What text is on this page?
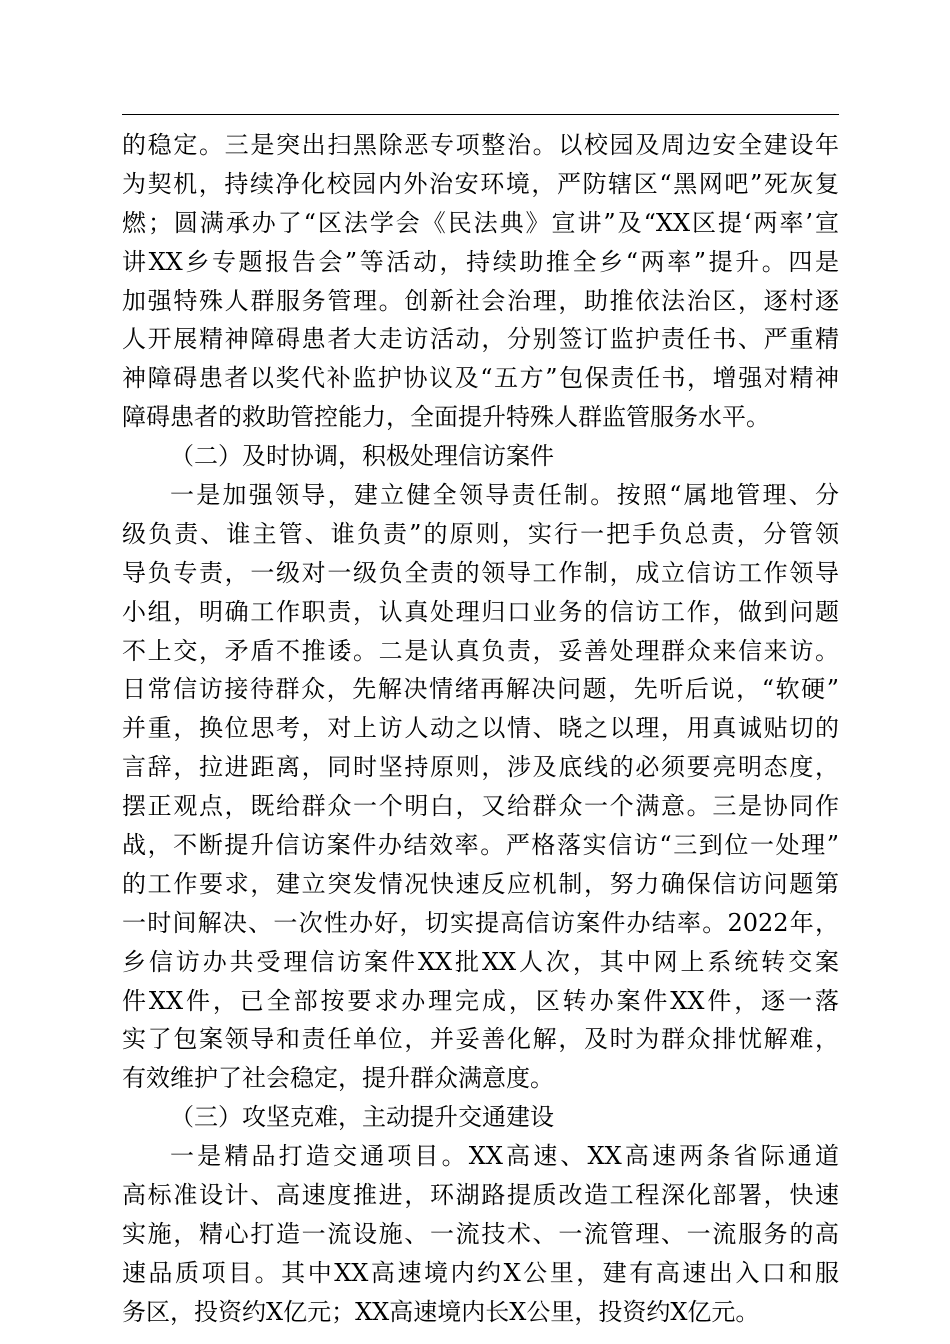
的稳定。三是突出扫黑除恶专项整治。以校园及周边安全建设年
为契机，持续净化校园内外治安环境，严防辖区“黑网吧”死灰复
燃；圆满承办了“区法学会《民法典》宣讲”及“XX区提‘两率’宣
讲XX乡专题报告会”等活动，持续助推全乡“两率”提升。四是
加强特殊人群服务管理。创新社会治理，助推依法治区，逐村逐
人开展精神障碍患者大走访活动，分别签订监护责任书、严重精
神障碍患者以奖代补监护协议及“五方”包保责任书，增强对精神
障碍患者的救助管控能力，全面提升特殊人群监管服务水平。
（二）及时协调，积极处理信访案件
一是加强领导，建立健全领导责任制。按照“属地管理、分
级负责、谁主管、谁负责”的原则，实行一把手负总责，分管领
导负专责，一级对一级负全责的领导工作制，成立信访工作领导
小组，明确工作职责，认真处理归口业务的信访工作，做到问题
不上交，矛盾不推诿。二是认真负责，妥善处理群众来信来访。
日常信访接待群众，先解决情绪再解决问题，先听后说，“软硬”
并重，换位思考，对上访人动之以情、晓之以理，用真诚贴切的
言辞，拉进距离，同时坚持原则，涉及底线的必须要亮明态度，
摆正观点，既给群众一个明白，又给群众一个满意。三是协同作
战，不断提升信访案件办结效率。严格落实信访“三到位一处理”
的工作要求，建立突发情况快速反应机制，努力确保信访问题第
一时间解决、一次性办好，切实提高信访案件办结率。2022年，
乡信访办共受理信访案件XX批XX人次，其中网上系统转交案
件XX件，已全部按要求办理完成，区转办案件XX件，逐一落
实了包案领导和责任单位，并妥善化解，及时为群众排忧解难，
有效维护了社会稳定，提升群众满意度。
（三）攻坚克难，主动提升交通建设
一是精品打造交通项目。XX高速、XX高速两条省际通道
高标准设计、高速度推进，环湖路提质改造工程深化部署，快速
实施，精心打造一流设施、一流技术、一流管理、一流服务的高
速品质项目。其中XX高速境内约X公里，建有高速出入口和服
务区，投资约X亿元；XX高速境内长X公里，投资约X亿元。
